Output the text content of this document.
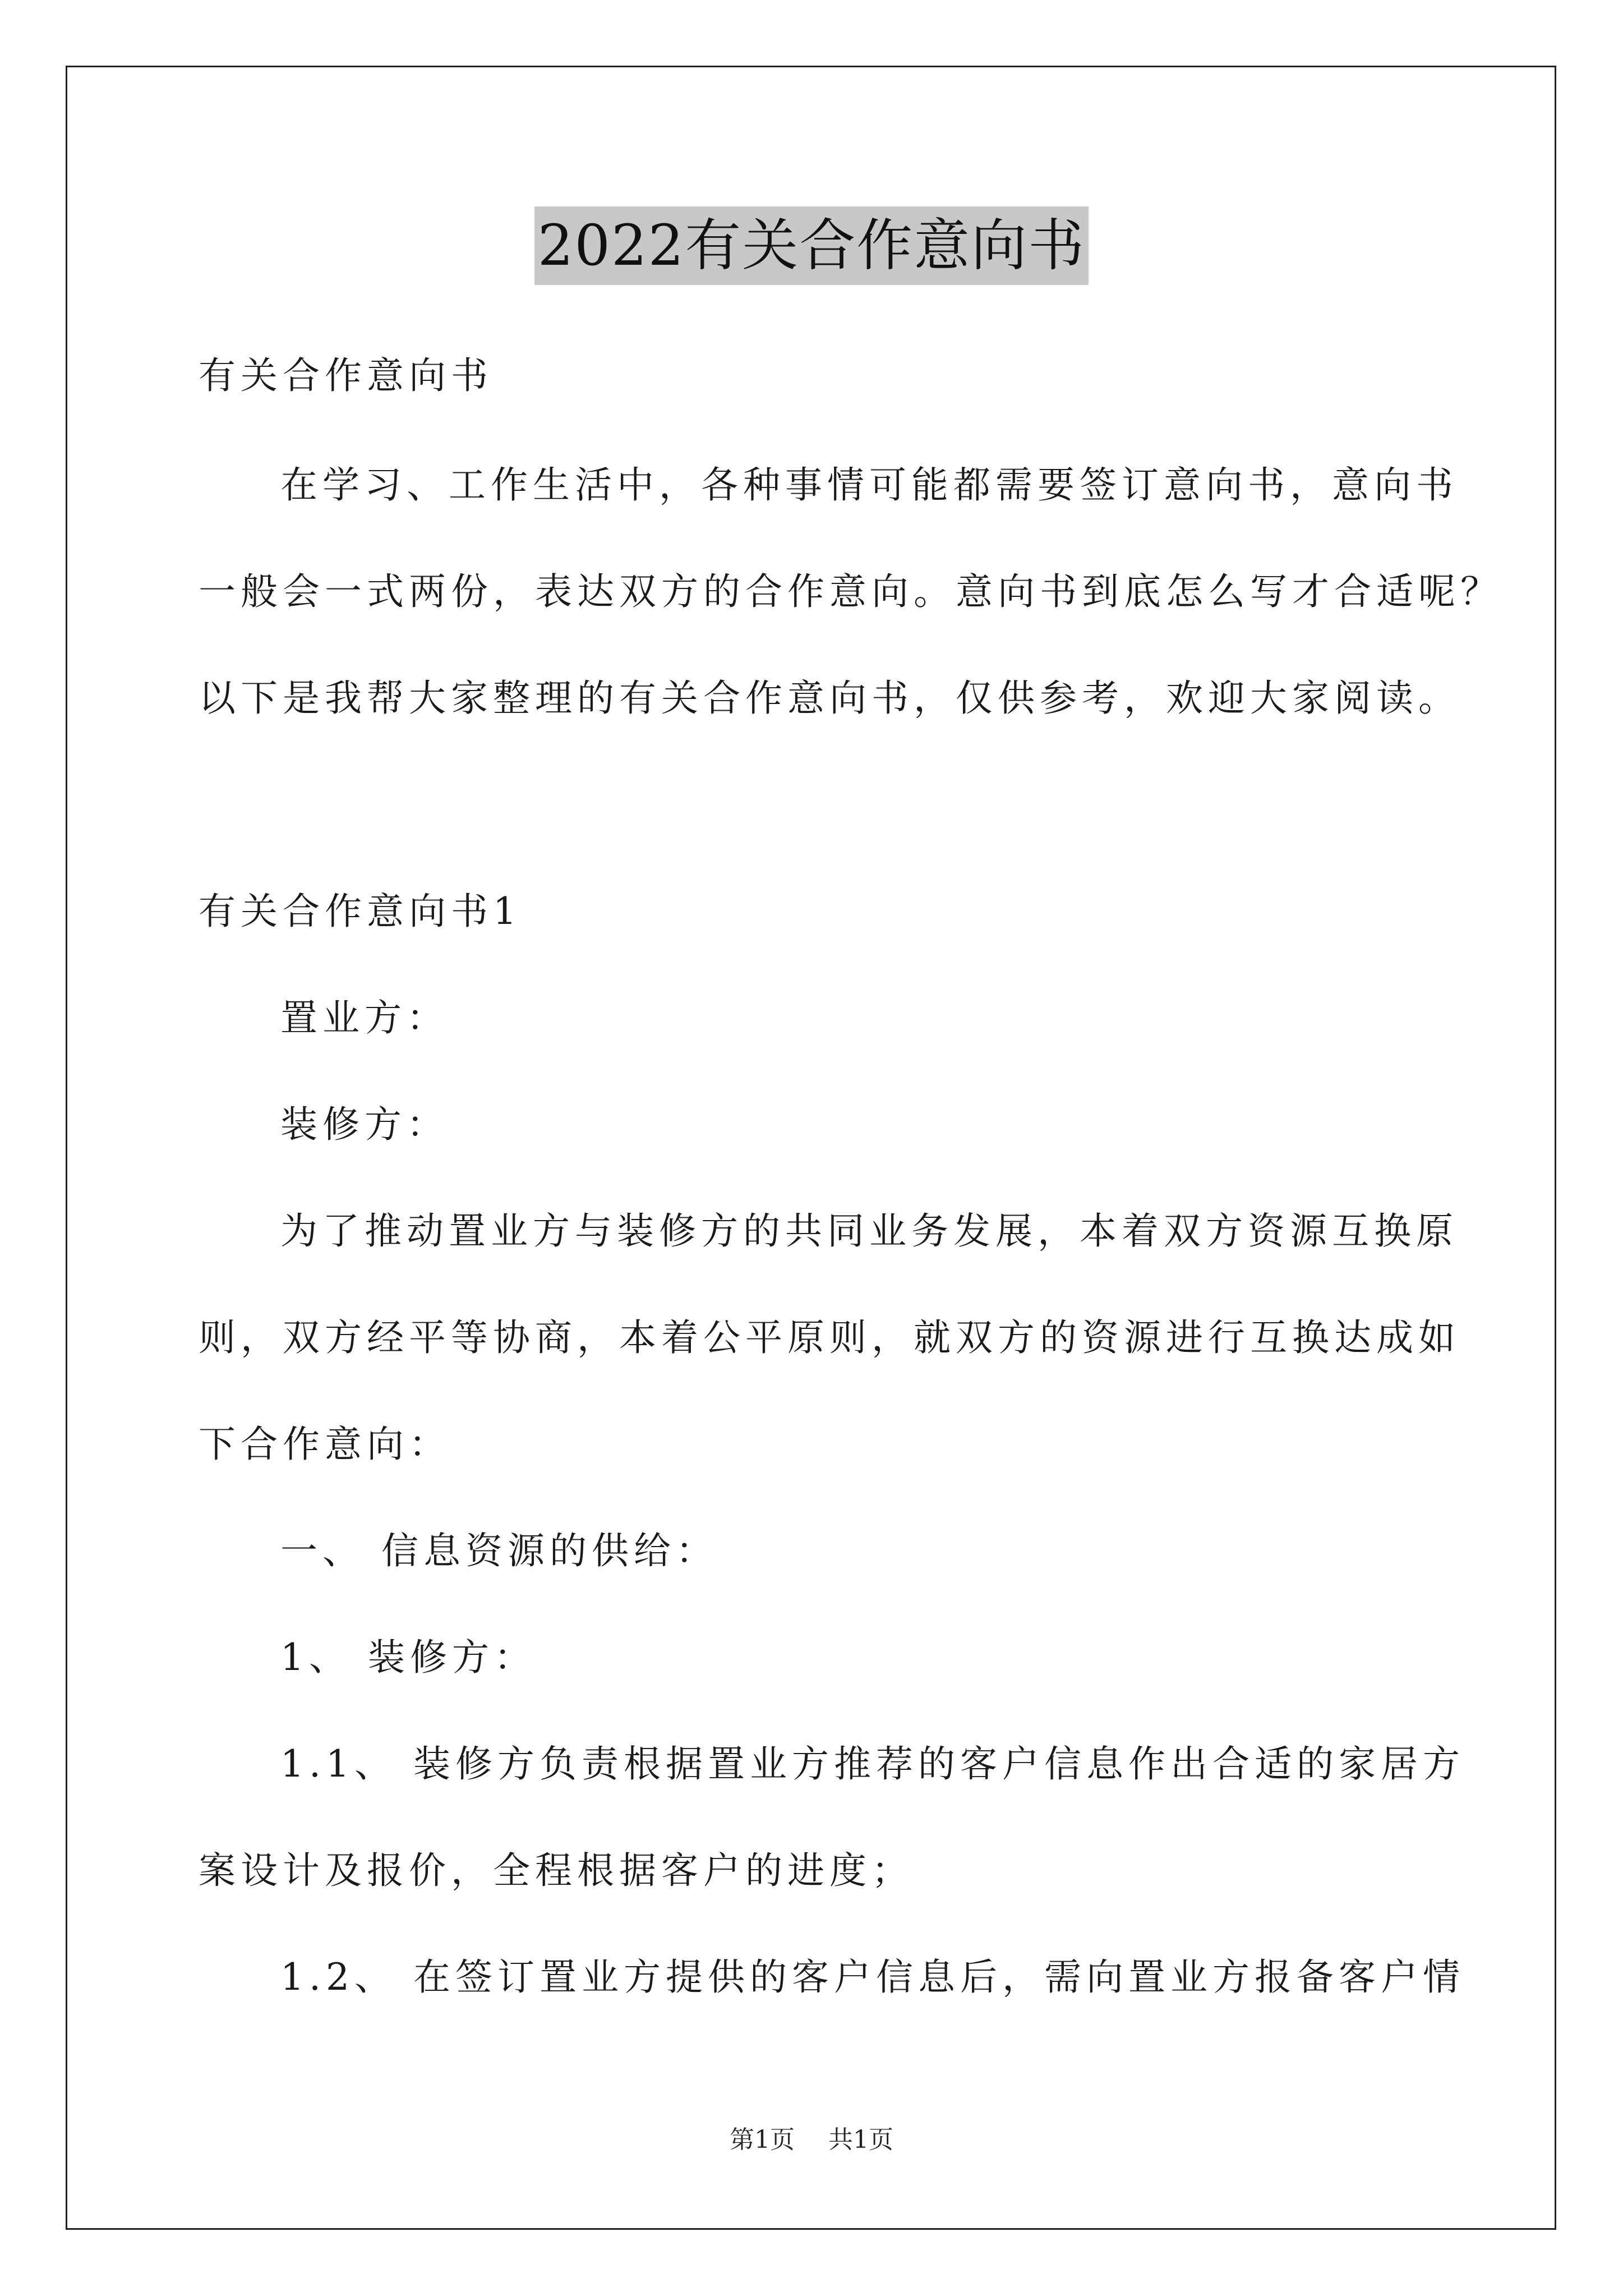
2022有关合作意向书
有关合作意向书
在学习、工作生活中，各种事情可能都需要签订意向书，意向书
一般会一式两份，表达双方的合作意向。意向书到底怎么写才合适呢？
以下是我帮大家整理的有关合作意向书，仅供参考，欢迎大家阅读。
有关合作意向书1
置业方：
装修方：
为了推动置业方与装修方的共同业务发展，本着双方资源互换原
则，双方经平等协商，本着公平原则，就双方的资源进行互换达成如
下合作意向：
一、 信息资源的供给：
1、 装修方：
1.1、 装修方负责根据置业方推荐的客户信息作出合适的家居方
案设计及报价，全程根据客户的进度；
1.2、 在签订置业方提供的客户信息后，需向置业方报备客户情
第1页 共1页
